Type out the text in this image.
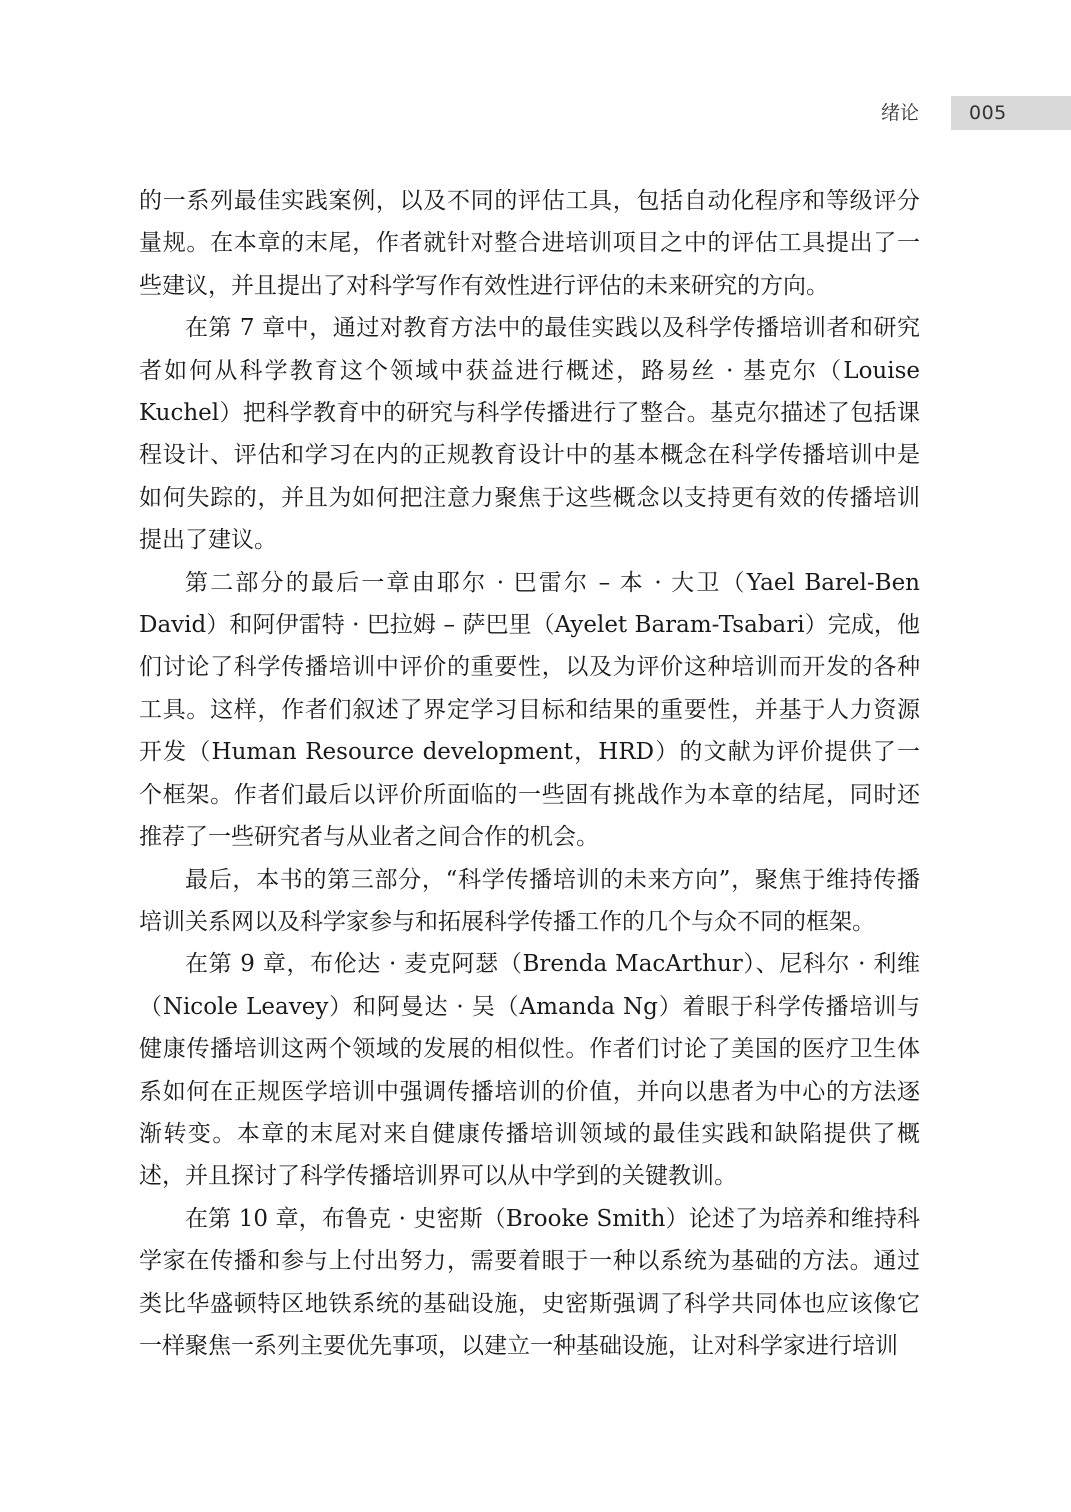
绪论	005

的一系列最佳实践案例，以及不同的评估工具，包括自动化程序和等级评分量规。在本章的末尾，作者就针对整合进培训项目之中的评估工具提出了一些建议，并且提出了对科学写作有效性进行评估的未来研究的方向。

在第 7 章中，通过对教育方法中的最佳实践以及科学传播培训者和研究者如何从科学教育这个领域中获益进行概述，路易丝 · 基克尔（Louise Kuchel）把科学教育中的研究与科学传播进行了整合。基克尔描述了包括课程设计、评估和学习在内的正规教育设计中的基本概念在科学传播培训中是如何失踪的，并且为如何把注意力聚焦于这些概念以支持更有效的传播培训提出了建议。

第二部分的最后一章由耶尔 · 巴雷尔 – 本 · 大卫（Yael Barel-Ben David）和阿伊雷特 · 巴拉姆 – 萨巴里（Ayelet Baram-Tsabari）完成，他们讨论了科学传播培训中评价的重要性，以及为评价这种培训而开发的各种工具。这样，作者们叙述了界定学习目标和结果的重要性，并基于人力资源开发（Human Resource development，HRD）的文献为评价提供了一个框架。作者们最后以评价所面临的一些固有挑战作为本章的结尾，同时还推荐了一些研究者与从业者之间合作的机会。

最后，本书的第三部分，“科学传播培训的未来方向”，聚焦于维持传播培训关系网以及科学家参与和拓展科学传播工作的几个与众不同的框架。

在第 9 章，布伦达 · 麦克阿瑟（Brenda MacArthur）、尼科尔 · 利维（Nicole Leavey）和阿曼达 · 吴（Amanda Ng）着眼于科学传播培训与健康传播培训这两个领域的发展的相似性。作者们讨论了美国的医疗卫生体系如何在正规医学培训中强调传播培训的价值，并向以患者为中心的方法逐渐转变。本章的末尾对来自健康传播培训领域的最佳实践和缺陷提供了概述，并且探讨了科学传播培训界可以从中学到的关键教训。

在第 10 章，布鲁克 · 史密斯（Brooke Smith）论述了为培养和维持科学家在传播和参与上付出努力，需要着眼于一种以系统为基础的方法。通过类比华盛顿特区地铁系统的基础设施，史密斯强调了科学共同体也应该像它一样聚焦一系列主要优先事项，以建立一种基础设施，让对科学家进行培训
